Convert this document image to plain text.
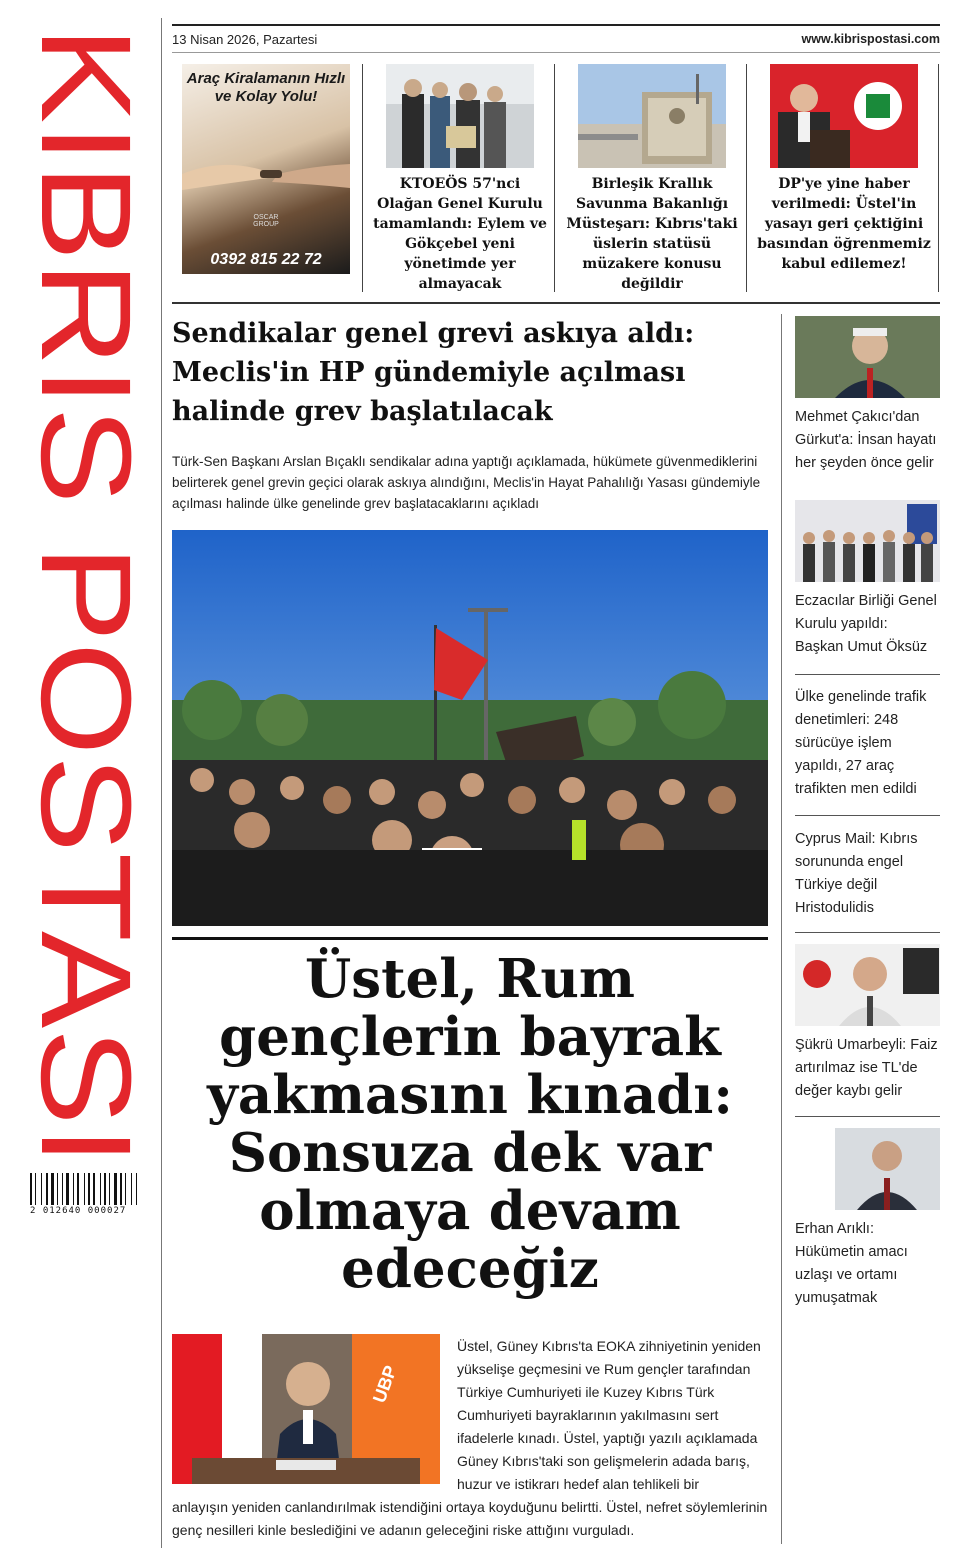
KIBRIS POSTASI
2 012640 000027
13 Nisan 2026, Pazartesi	www.kibrispostasi.com
Araç Kiralamanın Hızlı ve Kolay Yolu!
OSCAR GROUP
0392 815 22 72
KTOEÖS 57'nci Olağan Genel Kurulu tamamlandı: Eylem ve Gökçebel yeni yönetimde yer almayacak
Birleşik Krallık Savunma Bakanlığı Müsteşarı: Kıbrıs'taki üslerin statüsü müzakere konusu değildir
DP'ye yine haber verilmedi: Üstel'in yasayı geri çektiğini basından öğrenmemiz kabul edilemez!
Sendikalar genel grevi askıya aldı: Meclis'in HP gündemiyle açılması halinde grev başlatılacak
Türk-Sen Başkanı Arslan Bıçaklı sendikalar adına yaptığı açıklamada, hükümete güvenmediklerini belirterek genel grevin geçici olarak askıya alındığını, Meclis'in Hayat Pahalılığı Yasası gündemiyle açılması halinde ülke genelinde grev başlatacaklarını açıkladı
Üstel, Rum gençlerin bayrak yakmasını kınadı: Sonsuza dek var olmaya devam edeceğiz
UBP
Üstel, Güney Kıbrıs'ta EOKA zihniyetinin yeniden yükselişe geçmesini ve Rum gençler tarafından Türkiye Cumhuriyeti ile Kuzey Kıbrıs Türk Cumhuriyeti bayraklarının yakılmasını sert ifadelerle kınadı. Üstel, yaptığı yazılı açıklamada Güney Kıbrıs'taki son gelişmelerin adada barış, huzur ve istikrarı hedef alan tehlikeli bir
anlayışın yeniden canlandırılmak istendiğini ortaya koyduğunu belirtti. Üstel, nefret söylemlerinin genç nesilleri kinle beslediğini ve adanın geleceğini riske attığını vurguladı.
Mehmet Çakıcı'dan Gürkut'a: İnsan hayatı her şeyden önce gelir
Eczacılar Birliği Genel Kurulu yapıldı: Başkan Umut Öksüz
Ülke genelinde trafik denetimleri: 248 sürücüye işlem yapıldı, 27 araç trafikten men edildi
Cyprus Mail: Kıbrıs sorununda engel Türkiye değil Hristodulidis
Şükrü Umarbeyli: Faiz artırılmaz ise TL'de değer kaybı gelir
Erhan Arıklı: Hükümetin amacı uzlaşı ve ortamı yumuşatmak
